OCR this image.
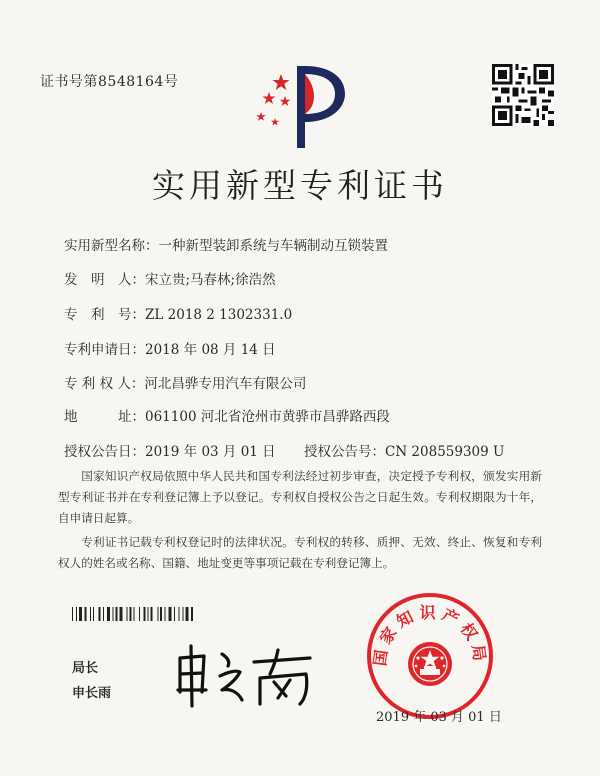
证书号第8548164号
实用新型专利证书
实用新型名称：一种新型装卸系统与车辆制动互锁装置
发　明　人：宋立贵;马春林;徐浩然
专　利　号：ZL 2018 2 1302331.0
专利申请日：2018 年 08 月 14 日
专 利 权 人：河北昌骅专用汽车有限公司
地　　　址：061100 河北省沧州市黄骅市昌骅路西段
授权公告日：2019 年 03 月 01 日 授权公告号：CN 208559309 U
国家知识产权局依照中华人民共和国专利法经过初步审查，决定授予专利权，颁发实用新型专利证书并在专利登记簿上予以登记。专利权自授权公告之日起生效。专利权期限为十年，自申请日起算。
专利证书记载专利权登记时的法律状况。专利权的转移、质押、无效、终止、恢复和专利权人的姓名或名称、国籍、地址变更等事项记载在专利登记簿上。
局长
申长雨
国家知识产权局
2019 年 03 月 01 日
